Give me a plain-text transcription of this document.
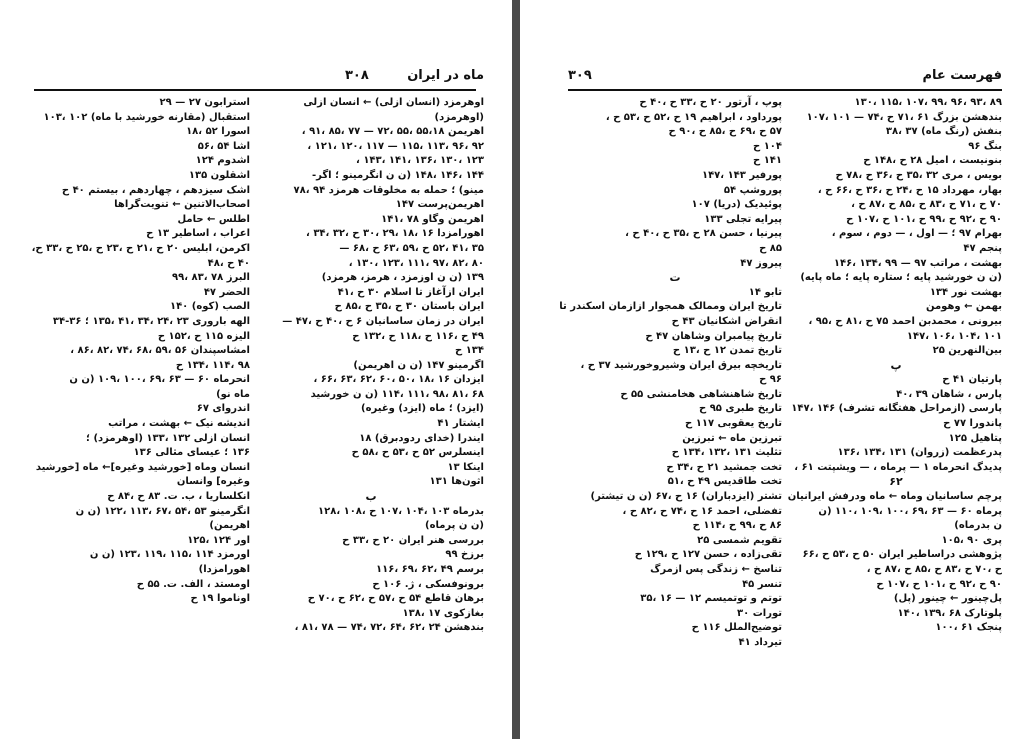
ماه در ایران
۳۰۸
اوهرمزد (انسان ازلی) ← انسان ازلی
(اوهرمزد)
اهریمن ۵۵،۱۸ ،۵۵ ،۷۲ — ۷۷ ،۸۵ ،۹۱ ،
۹۲ ،۹۶ ،۱۱۳ ،۱۱۵ — ۱۱۷ ،۱۲۰ ،۱۲۱ ،
۱۲۳ ،۱۳۰ ،۱۳۶ ،۱۴۱ ،۱۴۳ ،
۱۴۴ ،۱۴۶ ،۱۴۸ (ن ن انگرمینو ؛ اگر-
مینو) ؛ حمله به مخلوقات هرمزد ۹۴ ،۷۸
اهریمن‌پرست ۱۴۷
اهریمن وگاو ۷۸ ،۱۴۱
اهورامزدا ۱۶ ،۱۸ ،۲۹ ،۳۰ ح ،۳۲ ،۳۴ ،
۳۵ ،۴۱ ،۵۲ ح ،۵۹ ،۶۳ ح ،۶۸ —
۸۰ ،۸۲ ،۹۷ ،۱۱۱ ،۱۲۳ ،۱۳۰ ،
۱۳۹ (ن ن اوزمزد ، هرمز، هرمزد)
ایران ازآغاز تا اسلام ۳۰ ح ،۴۱
ایران باستان ۳۰ ح ،۳۵ ح ،۸۵ ح
ایران در زمان ساسانیان ۶ ح ،۴۰ ح ،۴۷ —
۴۹ ح ،۱۱۶ ح ،۱۱۸ ح ،۱۳۲ ح
۱۳۴ ح
اگرمینو ۱۴۷ (ن ن اهریمن)
ایزدان ۱۶ ،۱۸ ،۵۰ ،۶۰ ،۶۲ ،۶۳ ،۶۶ ،
۶۸ ،۸۱ ،۹۸ ،۱۱۱ ،۱۱۴ (ن ن خورشید
(ایزد) ؛ ماه (ایزد) وغیره)
ایشتار ۴۱
ایندرا (خدای ردودبرق) ۱۸
اینسلرس ۵۲ ح ،۵۳ ح ،۵۸ ح
اینکا ۱۳
اثون‌ها ۱۳۱
ب
بدرماه ۱۰۳ ،۱۰۴ ،۱۰۷ ح ،۱۰۸ ،۱۲۸
(ن ن پرماه)
بررسی هنر ایران ۲۰ ح ،۳۳ ح
برزخ ۹۹
برسم ۴۹ ،۶۲ ،۶۹ ،۱۱۶
برونوفسکی ، ژ. ۱۰۶ ح
برهان قاطع ۵۴ ح ،۵۷ ح ،۶۲ ح ،۷۰ ح
بغازکوی ۱۷ ،۱۳۸
بندهشن ۲۴ ،۶۲ ،۶۴ ،۷۲ ،۷۴ — ۷۸ ،۸۱ ،
استرابون ۲۷ — ۲۹
استقبال (مقارنه خورشید با ماه) ۱۰۲ ،۱۰۳
اسورا ۵۲ ،۱۸
اشا ۵۴ ،۵۶
اشدوم ۱۲۴
اشقلون ۱۳۵
اشک سیزدهم ، چهاردهم ، بیستم ۴۰ ح
اصحاب‌الاتنین ← تنویت‌گراها
اطلس ← حامل
اعراب ، اساطیر ۱۳ ح
اکرمن، ابلیس ۲۰ ح ،۲۱ ح ،۲۳ ح ،۲۵ ح ،۳۳ ح،
۴۰ ح ،۴۸
البرز ۷۸ ،۸۳ ،۹۹
الحضر ۴۷
الصب (کوه) ۱۴۰
الهه باروری ۲۳ ،۲۴ ،۳۴ ،۴۱ ،۱۳۵ ؛ ۳۶-۳۴
الیزه ۱۱۵ ح ،۱۵۲ ح
امشاسپندان ۵۶ ،۵۹ ،۶۸ ،۷۴ ،۸۲ ،۸۶ ،
۹۸ ،۱۱۴ ،۱۳۴ ح
انحرماه ۶۰ — ۶۳ ،۶۹ ،۱۰۰ ،۱۰۹ (ن ن
ماه نو)
اندروای ۶۷
اندیشه نیک ← بهشت ، مراتب
انسان ازلی ۱۳۲ ،۱۳۳ (اوهرمزد) ؛
۱۳۶ ؛ عیسای مثالی ۱۳۶
انسان وماه [خورشید وغیره]← ماه [خورشید
وغیره] وانسان
انکلساریا ، ب. ت. ۸۳ ح ،۸۴ ح
انگرمینو ۵۳ ،۵۴ ،۶۷ ،۱۱۳ ،۱۲۲ (ن ن
اهریمن)
اور ۱۲۴ ،۱۲۵
اورمزد ۱۱۴ ،۱۱۵ ،۱۱۹ ،۱۲۳ (ن ن
اهورامزدا)
اومستد ، الف. ت. ۵۵ ح
اوناموا ۱۹ ح
فهرست عام
۳۰۹
۸۹ ،۹۳ ،۹۶ ،۹۹ ،۱۰۷ ،۱۱۵ ،۱۳۰
بندهشن بزرگ ۶۱ ،۷۱ ح ،۷۴ — ۱۰۱ ،۱۰۷
بنفش (رنگ ماه) ۳۷ ،۳۸
بنگ ۹۶
بنونیست ، امیل ۲۸ ح ،۱۴۸ ح
بویس ، مری ۳۲ ،۳۵ ح ،۳۶ ح ،۷۸ ح
بهار، مهرداد ۱۵ ح ،۲۴ ح ،۳۶ ح ،۶۶ ح ،
۷۰ ح ،۷۱ ح ،۸۳ ح ،۸۵ ح ،۸۷ ح ،
۹۰ ح ،۹۲ ح ،۹۹ ح ،۱۰۱ ح ،۱۰۷ ح
بهرام ۹۷ ؛ — اول ، — دوم ، سوم ،
پنجم ۴۷
بهشت ، مراتب ۹۷ — ۹۹ ،۱۳۴ ،۱۴۶
(ن ن خورشید پایه ؛ ستاره پایه ؛ ماه پایه)
بهشت نور ۱۳۴
بهمن ← وهومن
بیرونی ، محمدبن احمد ۷۵ ح ،۸۱ ح ،۹۵ ،
۱۰۱ ،۱۰۴ ،۱۰۶ ،۱۴۷
بین‌النهرین ۲۵
پ
پارتیان ۴۱ ح
پارس ، شاهان ۳۹ ،۴۰
پارسی (ازمراحل هفتگانه تشرف) ۱۴۶ ،۱۴۷
پاندورا ۷۷ ح
پتاهیل ۱۲۵
پدرعظمت (زروان) ۱۳۱ ،۱۳۴ ،۱۳۶
پدیدگ انحرماه ۱ — پرماه ، — ویشپتت ۶۱ ،
۶۲
پرچم ساسانیان وماه ← ماه ودرفش ایرانیان
پرماه ۶۰ — ۶۳ ،۶۹ ،۱۰۰ ،۱۰۹ ،۱۱۰ (ن
ن بدرماه)
پری ۹۰ ،۱۰۵
پژوهشی دراساطیر ایران ۵۰ ح ،۵۳ ح ،۶۶
ح ،۷۰ ح ،۸۳ ح ،۸۵ ح ،۸۷ ح ،
۹۰ ح ،۹۲ ح ،۱۰۱ ح ،۱۰۷ ح
پل‌چینور ← چینور (پل)
پلوتارک ۶۸ ،۱۳۹ ،۱۴۰
پنجک ۶۱ ،۱۰۰
پوپ ، آرتور ۲۰ ح ،۳۳ ح ،۴۰ ح
پورداود ، ابراهیم ۱۹ ح ،۵۲ ح ،۵۳ ح ،
۵۷ ح ،۶۹ ح ،۸۵ ح ،۹۰ ح
۱۰۴ ح
۱۴۱ ح
پورفیر ۱۴۳ ،۱۴۷
پوروشپ ۵۴
پوئیدیک (دریا) ۱۰۷
پیرایه تجلی ۱۳۳
پیرنیا ، حسن ۲۸ ح ،۳۵ ح ،۴۰ ح ،
۸۵ ح
پیروز ۴۷
ت
تابو ۱۴
تاریخ ایران وممالک همجوار ازازمان اسکندر تا
انقراض اشکانیان ۴۳ ح
تاریخ پیامبران وشاهان ۴۷ ح
تاریخ تمدن ۱۲ ح ،۱۳ ح
تاریخچه بیرق ایران وشیروخورشید ۳۷ ح ،
۹۶ ح
تاریخ شاهنشاهی هخامنشی ۵۵ ح
تاریخ طبری ۹۵ ح
تاریخ یعقوبی ۱۱۷ ح
تبرزین ماه ← تبرزین
تثلیث ۱۳۱ ،۱۳۲ ،۱۳۴ ح
تخت جمشید ۲۱ ح ،۳۴ ح
تخت طاقدیس ۴۹ ح ،۵۱
تشتر (ایزدباران) ۱۶ ح ،۶۷ (ن ن تیشتر)
تفضلی، احمد ۱۶ ح ،۷۴ ح ،۸۲ ح ،
۸۶ ح ،۹۹ ح ،۱۱۴ ح
تقویم شمسی ۲۵
تقی‌زاده ، حسن ۱۲۷ ح ،۱۲۹ ح
تناسخ ← زندگی پس ازمرگ
تنسر ۴۵
توتم و توتمیسم ۱۲ — ۱۶ ،۳۵
تورات ۳۰
توضیح‌الملل ۱۱۶ ح
تیرداد ۴۱
